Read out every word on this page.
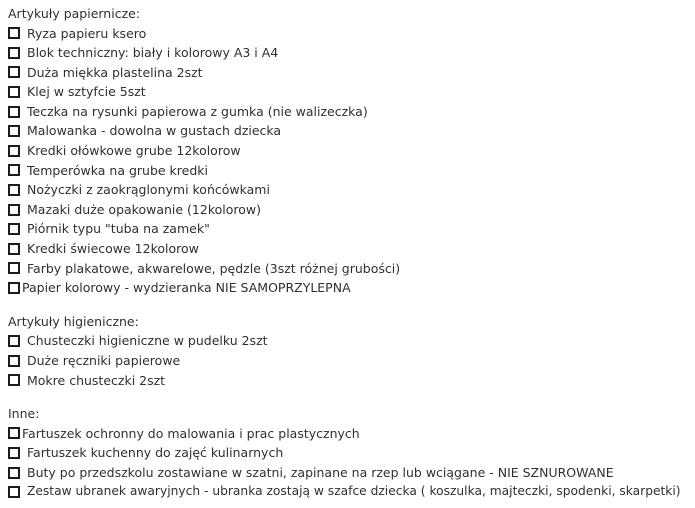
Artykuły papiernicze:
Ryza papieru ksero
Blok techniczny: biały i kolorowy A3 i A4
Duża miękka plastelina 2szt
Klej w sztyfcie 5szt
Teczka na rysunki papierowa z gumka (nie walizeczka)
Malowanka - dowolna w gustach dziecka
Kredki ołówkowe grube 12kolorow
Temperówka na grube kredki
Nożyczki z zaokrąglonymi końcówkami
Mazaki duże opakowanie (12kolorow)
Piórnik typu "tuba na zamek"
Kredki świecowe 12kolorow
Farby plakatowe, akwarelowe, pędzle (3szt różnej grubości)
Papier kolorowy - wydzieranka NIE SAMOPRZYLEPNA
Artykuły higieniczne:
Chusteczki higieniczne w pudelku 2szt
Duże ręczniki papierowe
Mokre chusteczki 2szt
Inne:
Fartuszek ochronny do malowania i prac plastycznych
Fartuszek kuchenny do zajęć kulinarnych
Buty po przedszkolu zostawiane w szatni, zapinane na rzep lub wciągane - NIE SZNUROWANE
Zestaw ubranek awaryjnych - ubranka zostają w szafce dziecka ( koszulka, majteczki, spodenki, skarpetki)
